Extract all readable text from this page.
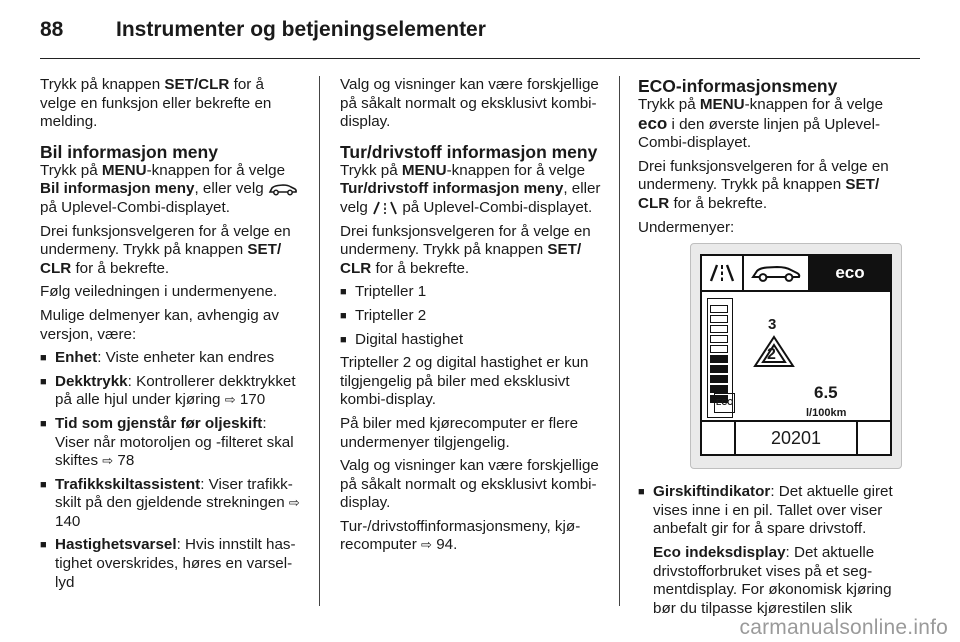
88	Instrumenter og betjeningselementer

Trykk på knappen SET/CLR for å velge en funksjon eller bekrefte en melding.

Bil informasjon meny

Trykk på MENU-knappen for å velge Bil informasjon meny, eller velg  på Uplevel-Combi-displayet.

Drei funksjonsvelgeren for å velge en undermeny. Trykk på knappen SET/
CLR for å bekrefte.

Følg veiledningen i undermenyene.

Mulige delmenyer kan, avhengig av versjon, være:

■ Enhet: Viste enheter kan endres
■ Dekktrykk: Kontrollerer dekktrykket på alle hjul under kjøring ⇨ 170
■ Tid som gjenstår før oljeskift: Viser når motoroljen og -filteret skal skiftes ⇨ 78
■ Trafikkskiltassistent: Viser trafikkskilt på den gjeldende strekningen ⇨ 140
■ Hastighetsvarsel: Hvis innstilt hastighet overskrides, høres en varsellyd

Valg og visninger kan være forskjellige på såkalt normalt og eksklusivt kombi-display.

Tur/drivstoff informasjon meny

Trykk på MENU-knappen for å velge Tur/drivstoff informasjon meny, eller velg  på Uplevel-Combi-displayet.

Drei funksjonsvelgeren for å velge en undermeny. Trykk på knappen SET/
CLR for å bekrefte.

■ Tripteller 1
■ Tripteller 2
■ Digital hastighet

Tripteller 2 og digital hastighet er kun tilgjengelig på biler med eksklusivt kombi-display.

På biler med kjørecomputer er flere undermenyer tilgjengelig.

Valg og visninger kan være forskjellige på såkalt normalt og eksklusivt kombi-display.

Tur-/drivstoffinformasjonsmeny, kjørecomputer ⇨ 94.

ECO-informasjonsmeny

Trykk på MENU-knappen for å velge eco i den øverste linjen på Uplevel-Combi-displayet.

Drei funksjonsvelgeren for å velge en undermeny. Trykk på knappen SET/
CLR for å bekrefte.

Undermenyer:

eco
ECO
3
2
6.5
l/100km
20201
■ Girskiftindikator: Det aktuelle giret vises inne i en pil. Tallet over viser anbefalt gir for å spare drivstoff.

Eco indeksdisplay: Det aktuelle drivstofforbruket vises på et segmentdisplay. For økonomisk kjøring bør du tilpasse kjørestilen slik

carmanualsonline.info
